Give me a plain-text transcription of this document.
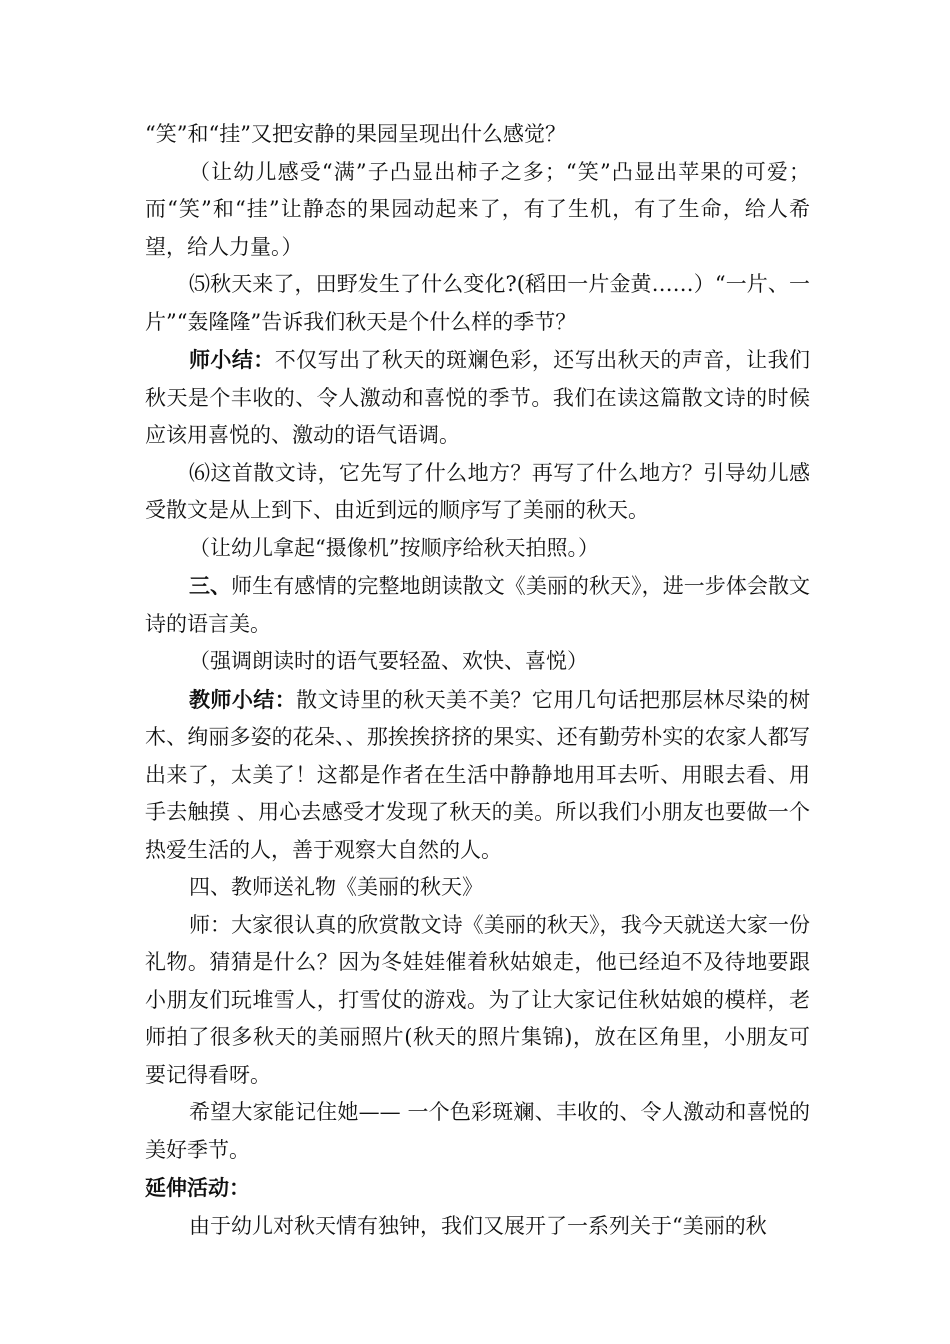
“笑”和“挂”又把安静的果园呈现出什么感觉？

（让幼儿感受“满”子凸显出柿子之多；“笑”凸显出苹果的可爱；而“笑”和“挂”让静态的果园动起来了，有了生机，有了生命，给人希望，给人力量。）

⑸秋天来了，田野发生了什么变化?(稻田一片金黄……）“一片、一片”“轰隆隆”告诉我们秋天是个什么样的季节？

师小结：不仅写出了秋天的斑斓色彩，还写出秋天的声音，让我们秋天是个丰收的、令人激动和喜悦的季节。我们在读这篇散文诗的时候应该用喜悦的、激动的语气语调。

⑹这首散文诗，它先写了什么地方？再写了什么地方？引导幼儿感受散文是从上到下、由近到远的顺序写了美丽的秋天。

（让幼儿拿起“摄像机”按顺序给秋天拍照。）

三、师生有感情的完整地朗读散文《美丽的秋天》，进一步体会散文诗的语言美。

（强调朗读时的语气要轻盈、欢快、喜悦）

教师小结：散文诗里的秋天美不美？它用几句话把那层林尽染的树木、绚丽多姿的花朵、、那挨挨挤挤的果实、还有勤劳朴实的农家人都写出来了，太美了！这都是作者在生活中静静地用耳去听、用眼去看、用手去触摸 、用心去感受才发现了秋天的美。所以我们小朋友也要做一个热爱生活的人，善于观察大自然的人。

四、教师送礼物《美丽的秋天》

师：大家很认真的欣赏散文诗《美丽的秋天》，我今天就送大家一份礼物。猜猜是什么？因为冬娃娃催着秋姑娘走，他已经迫不及待地要跟小朋友们玩堆雪人，打雪仗的游戏。为了让大家记住秋姑娘的模样，老师拍了很多秋天的美丽照片(秋天的照片集锦)，放在区角里，小朋友可要记得看呀。

希望大家能记住她—— 一个色彩斑斓、丰收的、令人激动和喜悦的美好季节。

延伸活动：

由于幼儿对秋天情有独钟，我们又展开了一系列关于“美丽的秋
